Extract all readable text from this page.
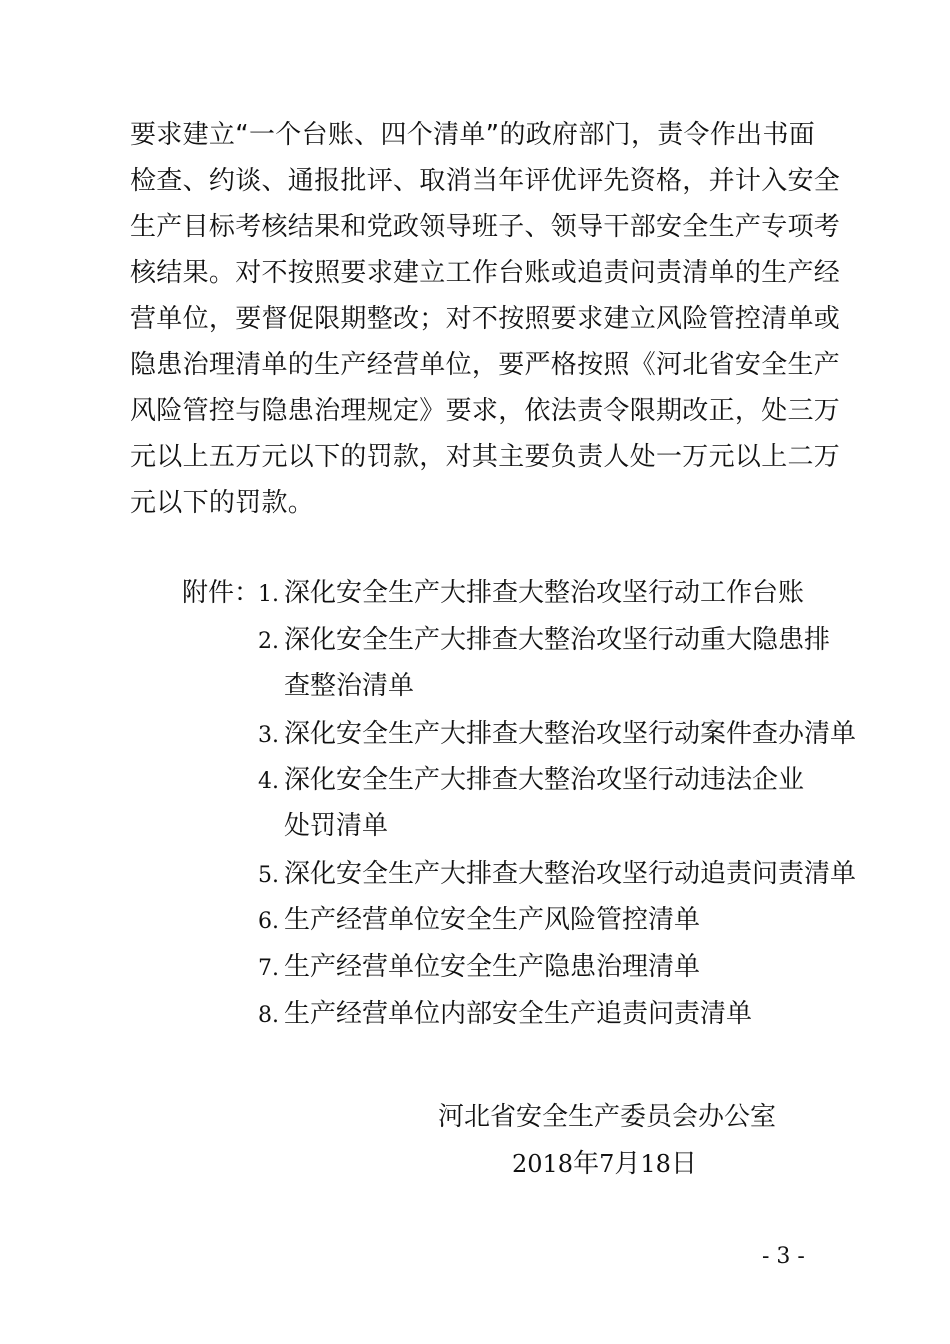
要求建立“一个台账、四个清单”的政府部门，责令作出书面
检查、约谈、通报批评、取消当年评优评先资格，并计入安全
生产目标考核结果和党政领导班子、领导干部安全生产专项考
核结果。对不按照要求建立工作台账或追责问责清单的生产经
营单位，要督促限期整改；对不按照要求建立风险管控清单或
隐患治理清单的生产经营单位，要严格按照《河北省安全生产
风险管控与隐患治理规定》要求，依法责令限期改正，处三万
元以上五万元以下的罚款，对其主要负责人处一万元以上二万
元以下的罚款。
附件：
1. 深化安全生产大排查大整治攻坚行动工作台账
2. 深化安全生产大排查大整治攻坚行动重大隐患排
查整治清单
3. 深化安全生产大排查大整治攻坚行动案件查办清单
4. 深化安全生产大排查大整治攻坚行动违法企业
处罚清单
5. 深化安全生产大排查大整治攻坚行动追责问责清单
6. 生产经营单位安全生产风险管控清单
7. 生产经营单位安全生产隐患治理清单
8. 生产经营单位内部安全生产追责问责清单
河北省安全生产委员会办公室
2018年7月18日
- 3 -
